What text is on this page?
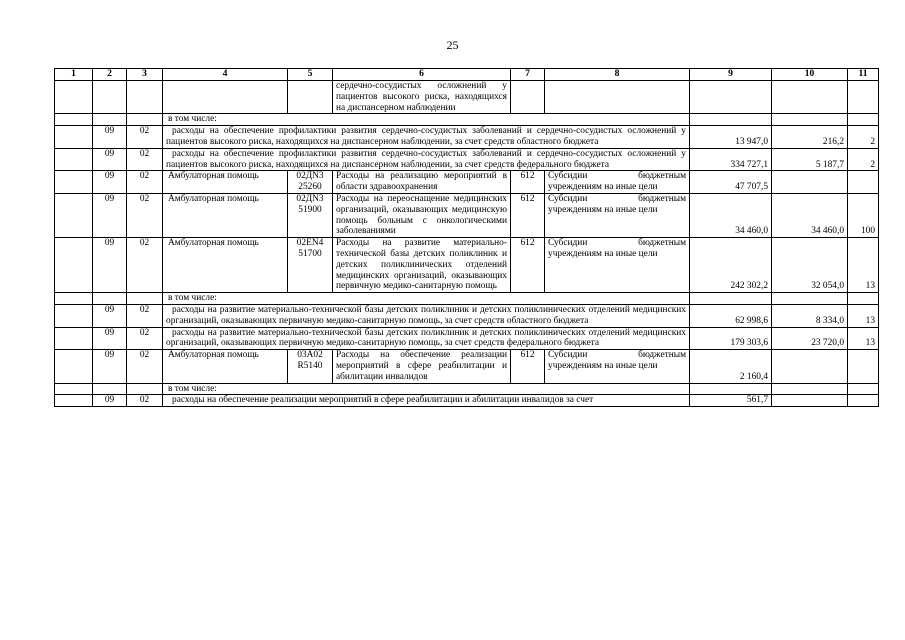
25
1	2	3	4	5	6	7	8	9	10	11
					сердечно-сосудистых осложнений у пациентов высокого риска, находящихся на диспансерном наблюдении					
			в том числе:							
	09	02	расходы на обеспечение профилактики развития сердечно-сосудистых заболеваний и сердечно-сосудистых осложнений у пациентов высокого риска, находящихся на диспансерном наблюдении, за счет средств областного бюджета					13 947,0	216,2	2
	09	02	расходы на обеспечение профилактики развития сердечно-сосудистых заболеваний и сердечно-сосудистых осложнений у пациентов высокого риска, находящихся на диспансерном наблюдении, за счет средств федерального бюджета					334 727,1	5 187,7	2
	09	02	Амбулаторная помощь	02ДN3 25260	Расходы на реализацию мероприятий в области здравоохранения	612	Субсидии бюджетным учреждениям на иные цели	47 707,5		
	09	02	Амбулаторная помощь	02ДN3 51900	Расходы на переоснащение медицинских организаций, оказывающих медицинскую помощь больным с онкологическими заболеваниями	612	Субсидии бюджетным учреждениям на иные цели	34 460,0	34 460,0	100
	09	02	Амбулаторная помощь	02EN4 51700	Расходы на развитие материально-технической базы детских поликлиник и детских поликлинических отделений медицинских организаций, оказывающих первичную медико-санитарную помощь	612	Субсидии бюджетным учреждениям на иные цели	242 302,2	32 054,0	13
			в том числе:							
	09	02	расходы на развитие материально-технической базы детских поликлиник и детских поликлинических отделений медицинских организаций, оказывающих первичную медико-санитарную помощь, за счет средств областного бюджета					62 998,6	8 334,0	13
	09	02	расходы на развитие материально-технической базы детских поликлиник и детских поликлинических отделений медицинских организаций, оказывающих первичную медико-санитарную помощь, за счет средств федерального бюджета					179 303,6	23 720,0	13
	09	02	Амбулаторная помощь	03А02 R5140	Расходы на обеспечение реализации мероприятий в сфере реабилитации и абилитации инвалидов	612	Субсидии бюджетным учреждениям на иные цели	2 160,4		
			в том числе:							
	09	02	расходы на обеспечение реализации мероприятий в сфере реабилитации и абилитации инвалидов за счет					561,7		
